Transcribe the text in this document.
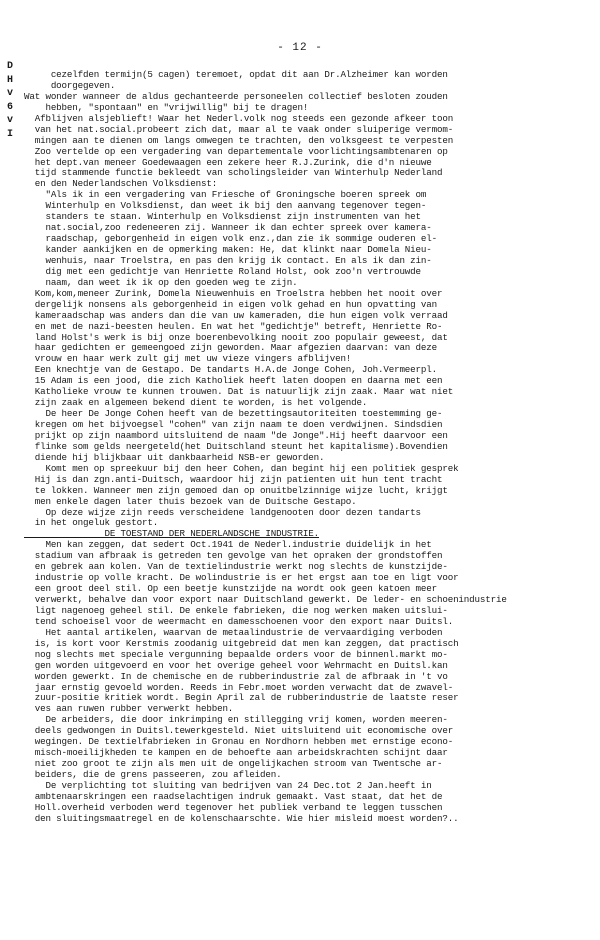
- 12 -
D
H
v
6
v
I
cezelfden termijn(5 cagen) teremoet, opdat dit aan Dr.Alzheimer kan worden
doorgegeven.
Wat wonder wanneer de aldus gechanteerde personeelen collectief besloten zouden
hebben, "spontaan" en "vrijwillig" bij te dragen!
Afblijven alsjeblieft! Waar het Nederl.volk nog steeds een gezonde afkeer toon
van het nat.social.probeert zich dat, maar al te vaak onder sluiperige vermom-
mingen aan te dienen om langs omwegen te trachten, den volksgeest te verpesten
Zoo vertelde op een vergadering van departementale voorlichtingsambtenaren op
het dept.van meneer Goedewaagen een zekere heer R.J.Zurink, die d'n nieuwe
tijd stammende functie bekleedt van scholingsleider van Winterhulp Nederland
en den Nederlandschen Volksdienst:
"Als ik in een vergadering van Friesche of Groningsche boeren spreek om
Winterhulp en Volksdienst, dan weet ik bij den aanvang tegenover tegen-
standers te staan. Winterhulp en Volksdienst zijn instrumenten van het
nat.social,zoo redeneeren zij. Wanneer ik dan echter spreek over kamera-
raadschap, geborgenheid in eigen volk enz.,dan zie ik sommige ouderen el-
kander aankijken en de opmerking maken: He, dat klinkt naar Domela Nieu-
wenhuis, naar Troelstra, en pas den krijg ik contact. En als ik dan zin-
dig met een gedichtje van Henriette Roland Holst, ook zoo'n vertrouwde
naam, dan weet ik ik op den goeden weg te zijn.
Kom,kom,meneer Zurink, Domela Nieuwenhuis en Troelstra hebben het nooit over
dergelijk nonsens als geborgenheid in eigen volk gehad en hun opvatting van
kameraadschap was anders dan die van uw kameraden, die hun eigen volk verraad
en met de nazi-beesten heulen. En wat het "gedichtje" betreft, Henriette Ro-
land Holst's werk is bij onze boerenbevolking nooit zoo populair geweest, dat
haar gedichten er gemeengoed zijn geworden. Maar afgezien daarvan: van deze
vrouw en haar werk zult gij met uw vieze vingers afblijven!
Een knechtje van de Gestapo. De tandarts H.A.de Jonge Cohen, Joh.Vermeerpl.
15 Adam is een jood, die zich Katholiek heeft laten doopen en daarna met een
Katholieke vrouw te kunnen trouwen. Dat is natuurlijk zijn zaak. Maar wat niet
zijn zaak en algemeen bekend dient te worden, is het volgende.
De heer De Jonge Cohen heeft van de bezettingsautoriteiten toestemming ge-
kregen om het bijvoegsel "cohen" van zijn naam te doen verdwijnen. Sindsdien
prijkt op zijn naambord uitsluitend de naam "de Jonge".Hij heeft daarvoor een
flinke som gelds neergeteld(het Duitschland steunt het kapitalisme).Bovendien
diende hij blijkbaar uit dankbaarheid NSB-er geworden.
Komt men op spreekuur bij den heer Cohen, dan begint hij een politiek gesprek
Hij is dan zgn.anti-Duitsch, waardoor hij zijn patienten uit hun tent tracht
te lokken. Wanneer men zijn gemoed dan op onuitbelzinnige wijze lucht, krijgt
men enkele dagen later thuis bezoek van de Duitsche Gestapo.
Op deze wijze zijn reeds verscheidene landgenooten door dezen tandarts
in het ongeluk gestort.
DE TOESTAND DER NEDERLANDSCHE INDUSTRIE.
Men kan zeggen, dat sedert Oct.1941 de Nederl.industrie duidelijk in het
stadium van afbraak is getreden ten gevolge van het opraken der grondstoffen
en gebrek aan kolen. Van de textielindustrie werkt nog slechts de kunstzijde-
industrie op volle kracht. De wolindustrie is er het ergst aan toe en ligt voor
een groot deel stil. Op een beetje kunstzijde na wordt ook geen katoen meer
verwerkt, behalve dan voor export naar Duitschland gewerkt. De leder- en schoenindustrie
ligt nagenoeg geheel stil. De enkele fabrieken, die nog werken maken uitslui-
tend schoeisel voor de weermacht en damesschoenen voor den export naar Duitsl.
Het aantal artikelen, waarvan de metaalindustrie de vervaardiging verboden
is, is kort voor Kerstmis zoodanig uitgebreid dat men kan zeggen, dat practisch
nog slechts met speciale vergunning bepaalde orders voor de binnenl.markt mo-
gen worden uitgevoerd en voor het overige geheel voor Wehrmacht en Duitsl.kan
worden gewerkt. In de chemische en de rubberindustrie zal de afbraak in 't vo
jaar ernstig gevoeld worden. Reeds in Febr.moet worden verwacht dat de zwavel-
zuur-positie kritiek wordt. Begin April zal de rubberindustrie de laatste reser
ves aan ruwen rubber verwerkt hebben.
De arbeiders, die door inkrimping en stillegging vrij komen, worden meeren-
deels gedwongen in Duitsl.tewerkgesteld. Niet uitsluitend uit economische over
wegingen. De textielfabrieken in Gronau en Nordhorn hebben met ernstige econo-
misch-moeilijkheden te kampen en de behoefte aan arbeidskrachten schijnt daar
niet zoo groot te zijn als men uit de ongelijkachen stroom van Twentsche ar-
beiders, die de grens passeeren, zou afleiden.
De verplichting tot sluiting van bedrijven van 24 Dec.tot 2 Jan.heeft in
ambtenaarskringen een raadselachtigen indruk gemaakt. Vast staat, dat het de
Holl.overheid verboden werd tegenover het publiek verband te leggen tusschen
den sluitingsmaatregel en de kolenschaarschte. Wie hier misleid moest worden?..
